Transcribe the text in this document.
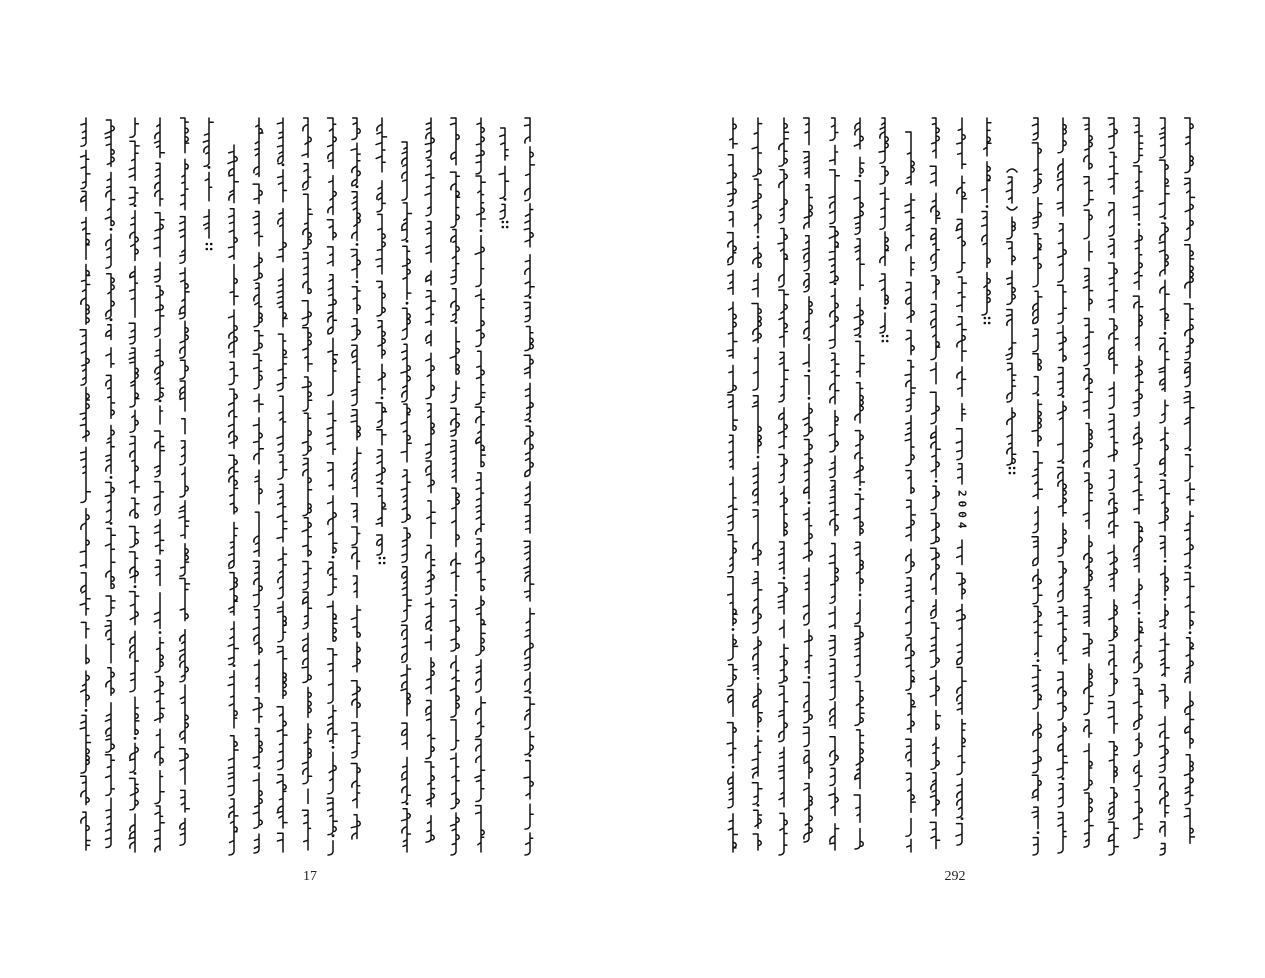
2004
17	292
